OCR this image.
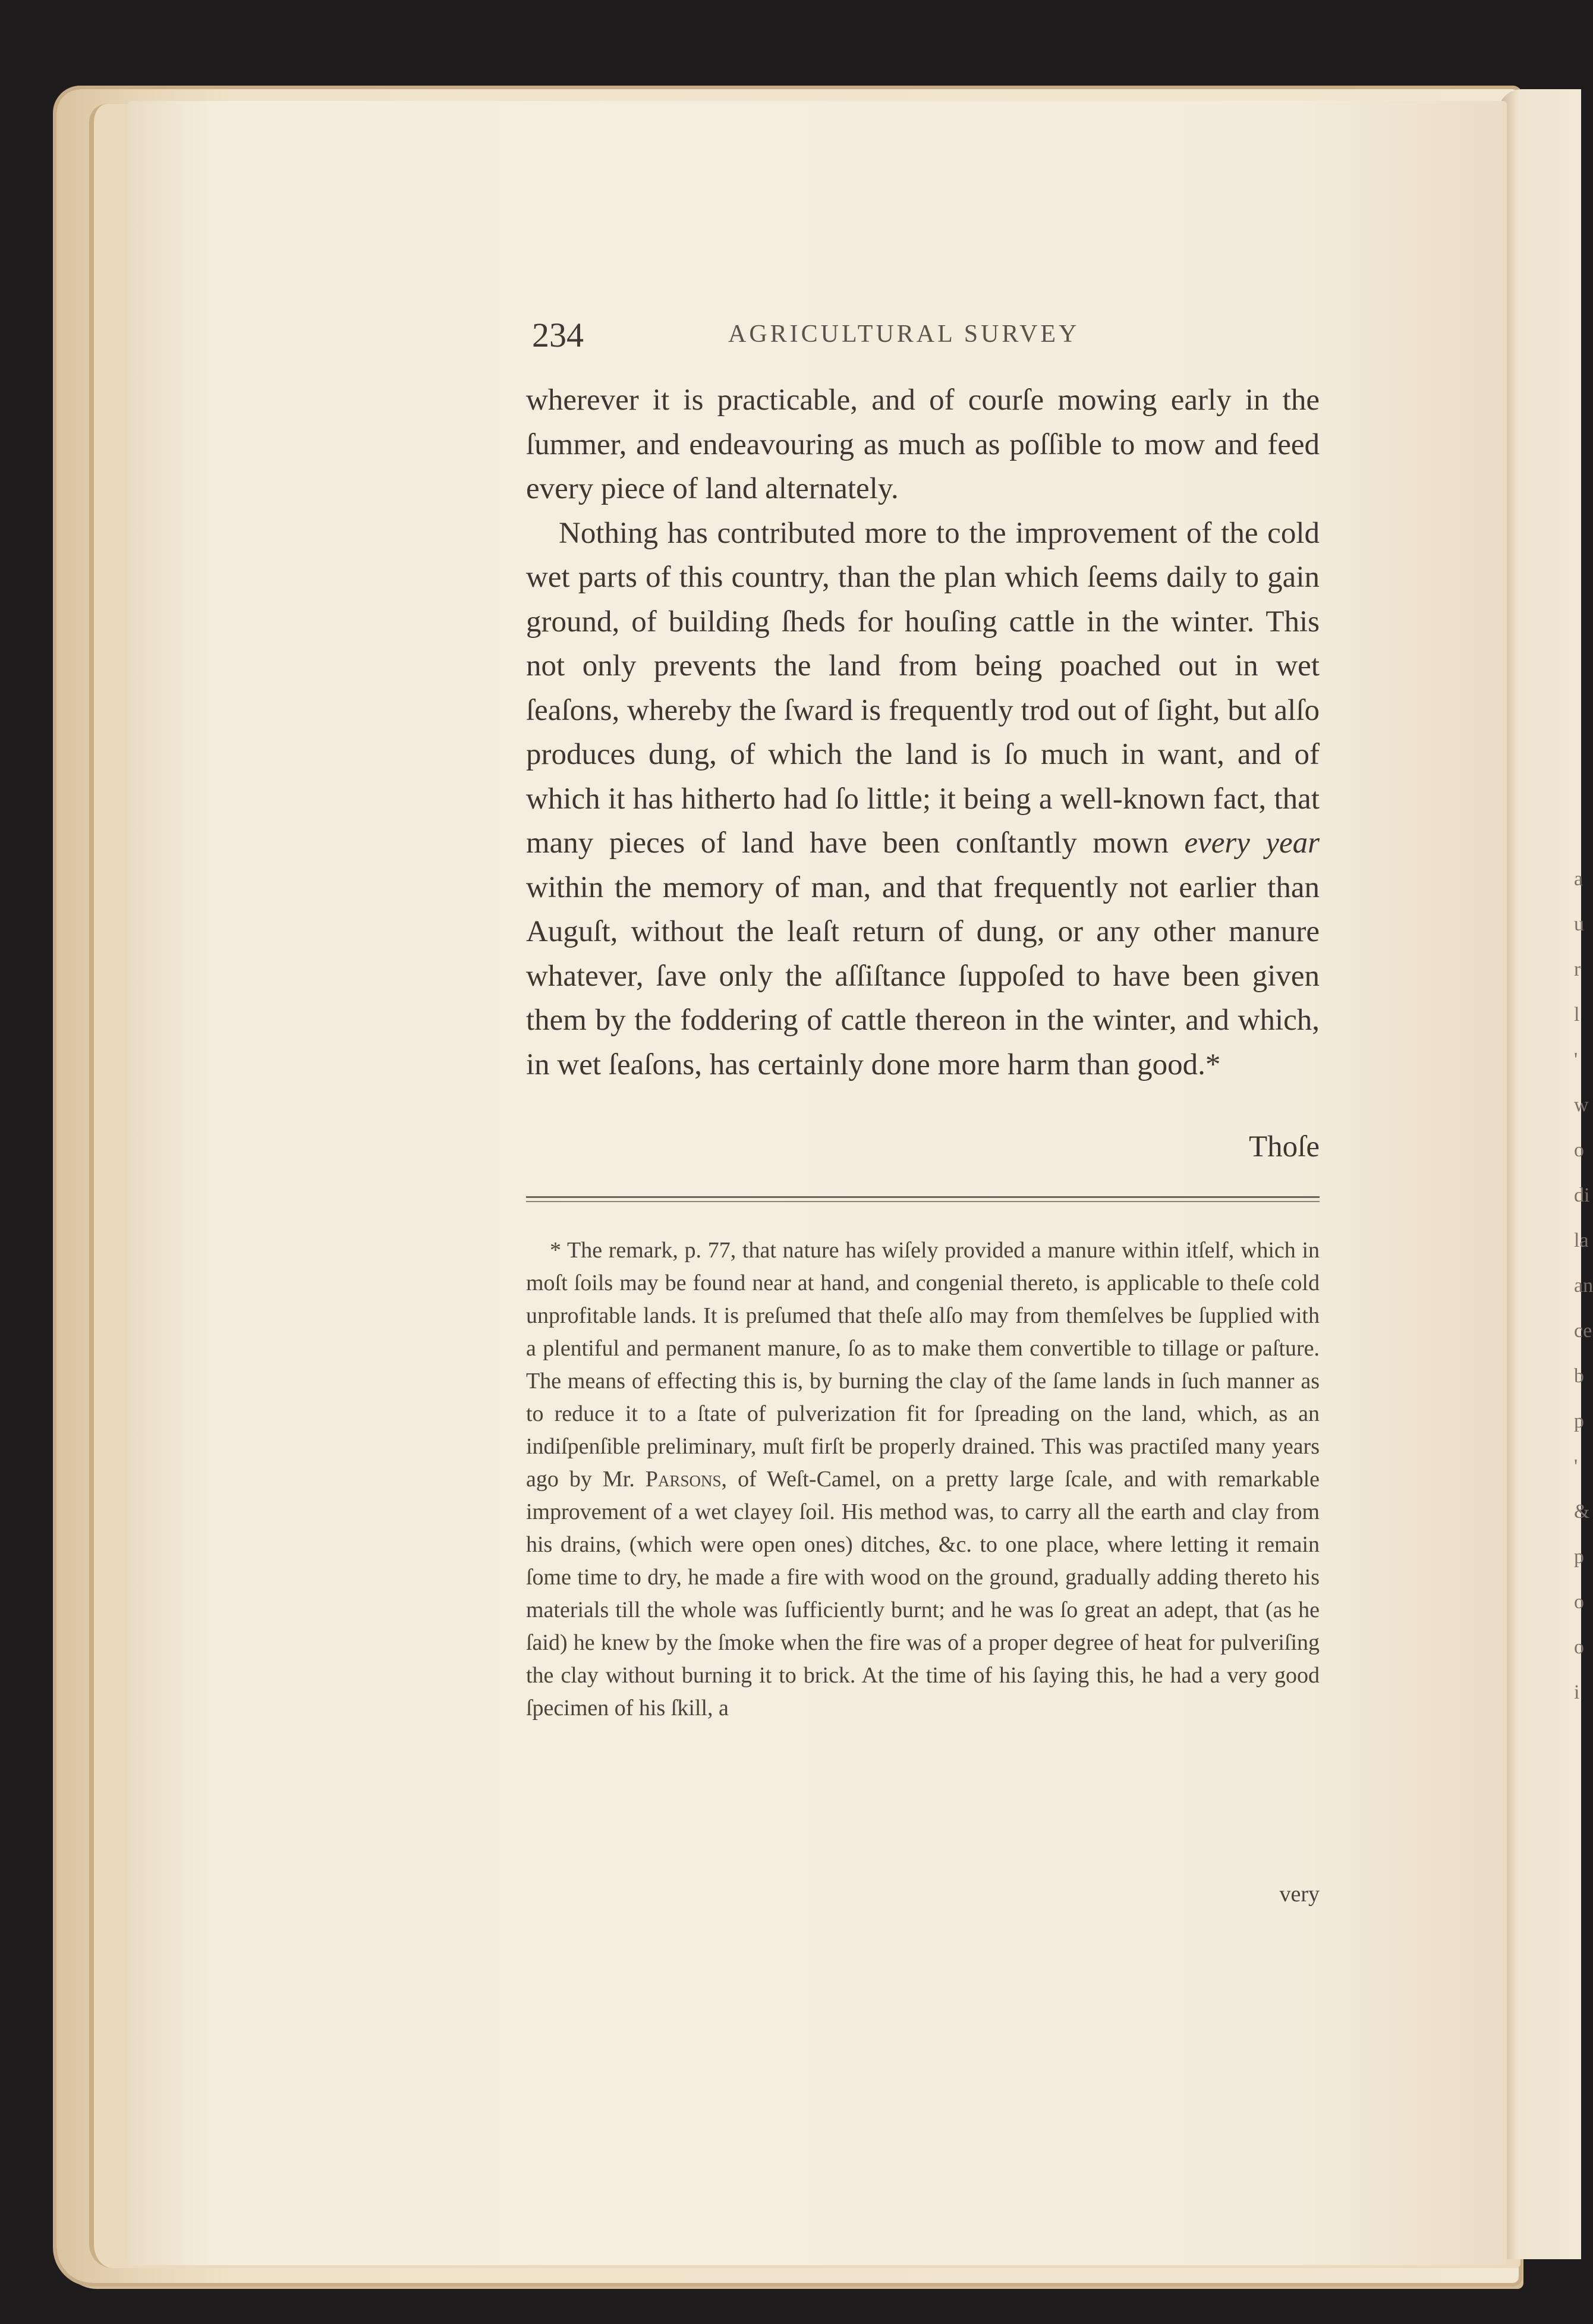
234	AGRICULTURAL SURVEY

wherever it is practicable, and of courſe mowing early in the ſummer, and endeavouring as much as poſſible to mow and feed every piece of land alternately.

Nothing has contributed more to the improvement of the cold wet parts of this country, than the plan which ſeems daily to gain ground, of building ſheds for houſing cattle in the winter. This not only prevents the land from being poached out in wet ſeaſons, whereby the ſward is frequently trod out of ſight, but alſo produces dung, of which the land is ſo much in want, and of which it has hitherto had ſo little; it being a well-known fact, that many pieces of land have been conſtantly mown every year within the memory of man, and that frequently not earlier than Auguſt, without the leaſt return of dung, or any other manure whatever, ſave only the aſſiſtance ſuppoſed to have been given them by the foddering of cattle thereon in the winter, and which, in wet ſeaſons, has certainly done more harm than good.*

Thoſe

* The remark, p. 77, that nature has wiſely provided a manure within itſelf, which in moſt ſoils may be found near at hand, and congenial thereto, is applicable to theſe cold unprofitable lands. It is preſumed that theſe alſo may from themſelves be ſupplied with a plentiful and permanent manure, ſo as to make them convertible to tillage or paſture. The means of effecting this is, by burning the clay of the ſame lands in ſuch manner as to reduce it to a ſtate of pulverization fit for ſpreading on the land, which, as an indiſpenſible preliminary, muſt firſt be properly drained. This was practiſed many years ago by Mr. Parsons, of Weſt-Camel, on a pretty large ſcale, and with remarkable improvement of a wet clayey ſoil. His method was, to carry all the earth and clay from his drains, (which were open ones) ditches, &c. to one place, where letting it remain ſome time to dry, he made a fire with wood on the ground, gradually adding thereto his materials till the whole was ſufficiently burnt; and he was ſo great an adept, that (as he ſaid) he knew by the ſmoke when the fire was of a proper degree of heat for pulveriſing the clay without burning it to brick. At the time of his ſaying this, he had a very good ſpecimen of his ſkill, a

very
a
u
r
l
'
w
o
di
la
an
ce
b
p
'
&
p
o
o
i
